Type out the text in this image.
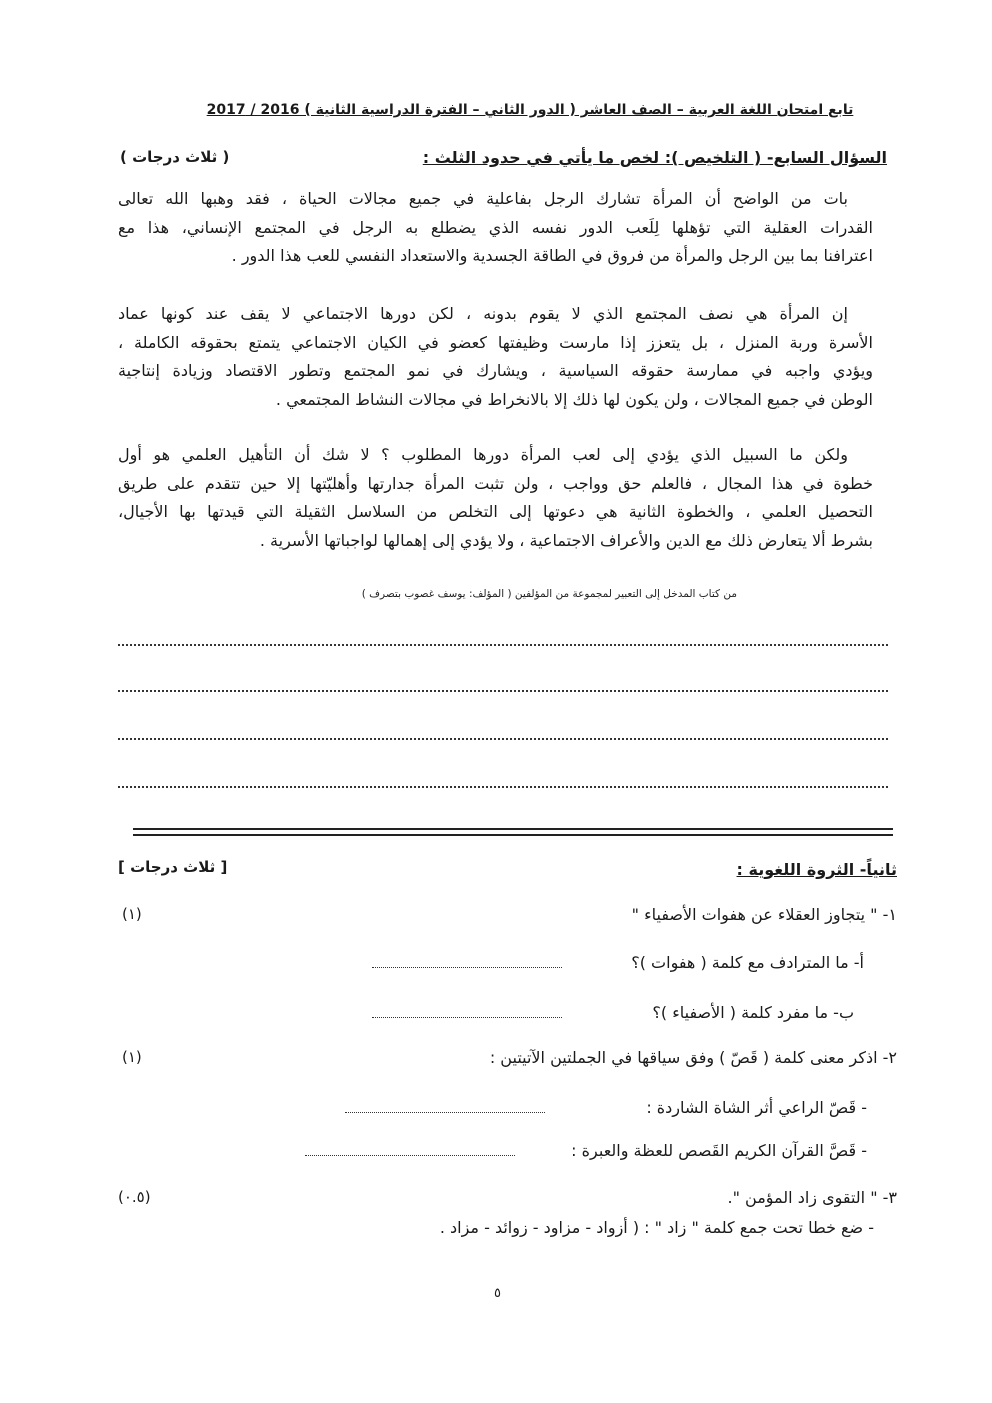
تابع امتحان اللغة العربية – الصف العاشر ( الدور الثاني – الفترة الدراسية الثانية ) 2016 / 2017
السؤال السابع- ( التلخيص ): لخص ما يأتي في حدود الثلث :
( ثلاث درجات )
بات من الواضح أن المرأة تشارك الرجل بفاعلية في جميع مجالات الحياة ، فقد وهبها الله تعالى
القدرات العقلية التي تؤهلها لِلَعب الدور نفسه الذي يضطلع به الرجل في المجتمع الإنساني، هذا مع
اعترافنا بما بين الرجل والمرأة من فروق في الطاقة الجسدية والاستعداد النفسي للعب هذا الدور .
إن المرأة هي نصف المجتمع الذي لا يقوم بدونه ، لكن دورها الاجتماعي لا يقف عند كونها عماد
الأسرة وربة المنزل ، بل يتعزز إذا مارست وظيفتها كعضو في الكيان الاجتماعي يتمتع بحقوقه الكاملة ،
ويؤدي واجبه في ممارسة حقوقه السياسية ، ويشارك في نمو المجتمع وتطور الاقتصاد وزيادة إنتاجية
الوطن في جميع المجالات ، ولن يكون لها ذلك إلا بالانخراط في مجالات النشاط المجتمعي .
ولكن ما السبيل الذي يؤدي إلى لعب المرأة دورها المطلوب ؟ لا شك أن التأهيل العلمي هو أول
خطوة في هذا المجال ، فالعلم حق وواجب ، ولن تثبت المرأة جدارتها وأهليّتها إلا حين تتقدم على طريق
التحصيل العلمي ، والخطوة الثانية هي دعوتها إلى التخلص من السلاسل الثقيلة التي قيدتها بها الأجيال،
بشرط ألا يتعارض ذلك مع الدين والأعراف الاجتماعية ، ولا يؤدي إلى إهمالها لواجباتها الأسرية .
من كتاب المدخل إلى التعبير لمجموعة من المؤلفين ( المؤلف: يوسف غصوب بتصرف )
ثانياً- الثروة اللغوية :
[ ثلاث درجات ]
١- " يتجاوز العقلاء عن هفوات الأصفياء "
(١)
أ- ما المترادف مع كلمة ( هفوات )؟
ب- ما مفرد كلمة ( الأصفياء )؟
٢- اذكر معنى كلمة ( قَصّ ) وفق سياقها في الجملتين الآتيتين :
(١)
- قَصّ الراعي أثر الشاة الشاردة :
- قَصَّ القرآن الكريم القَصص للعظة والعبرة :
٣- " التقوى زاد المؤمن ".
(٠.٥)
- ضع خطا تحت جمع كلمة " زاد " : ( أزواد - مزاود - زوائد - مزاد .
٥
